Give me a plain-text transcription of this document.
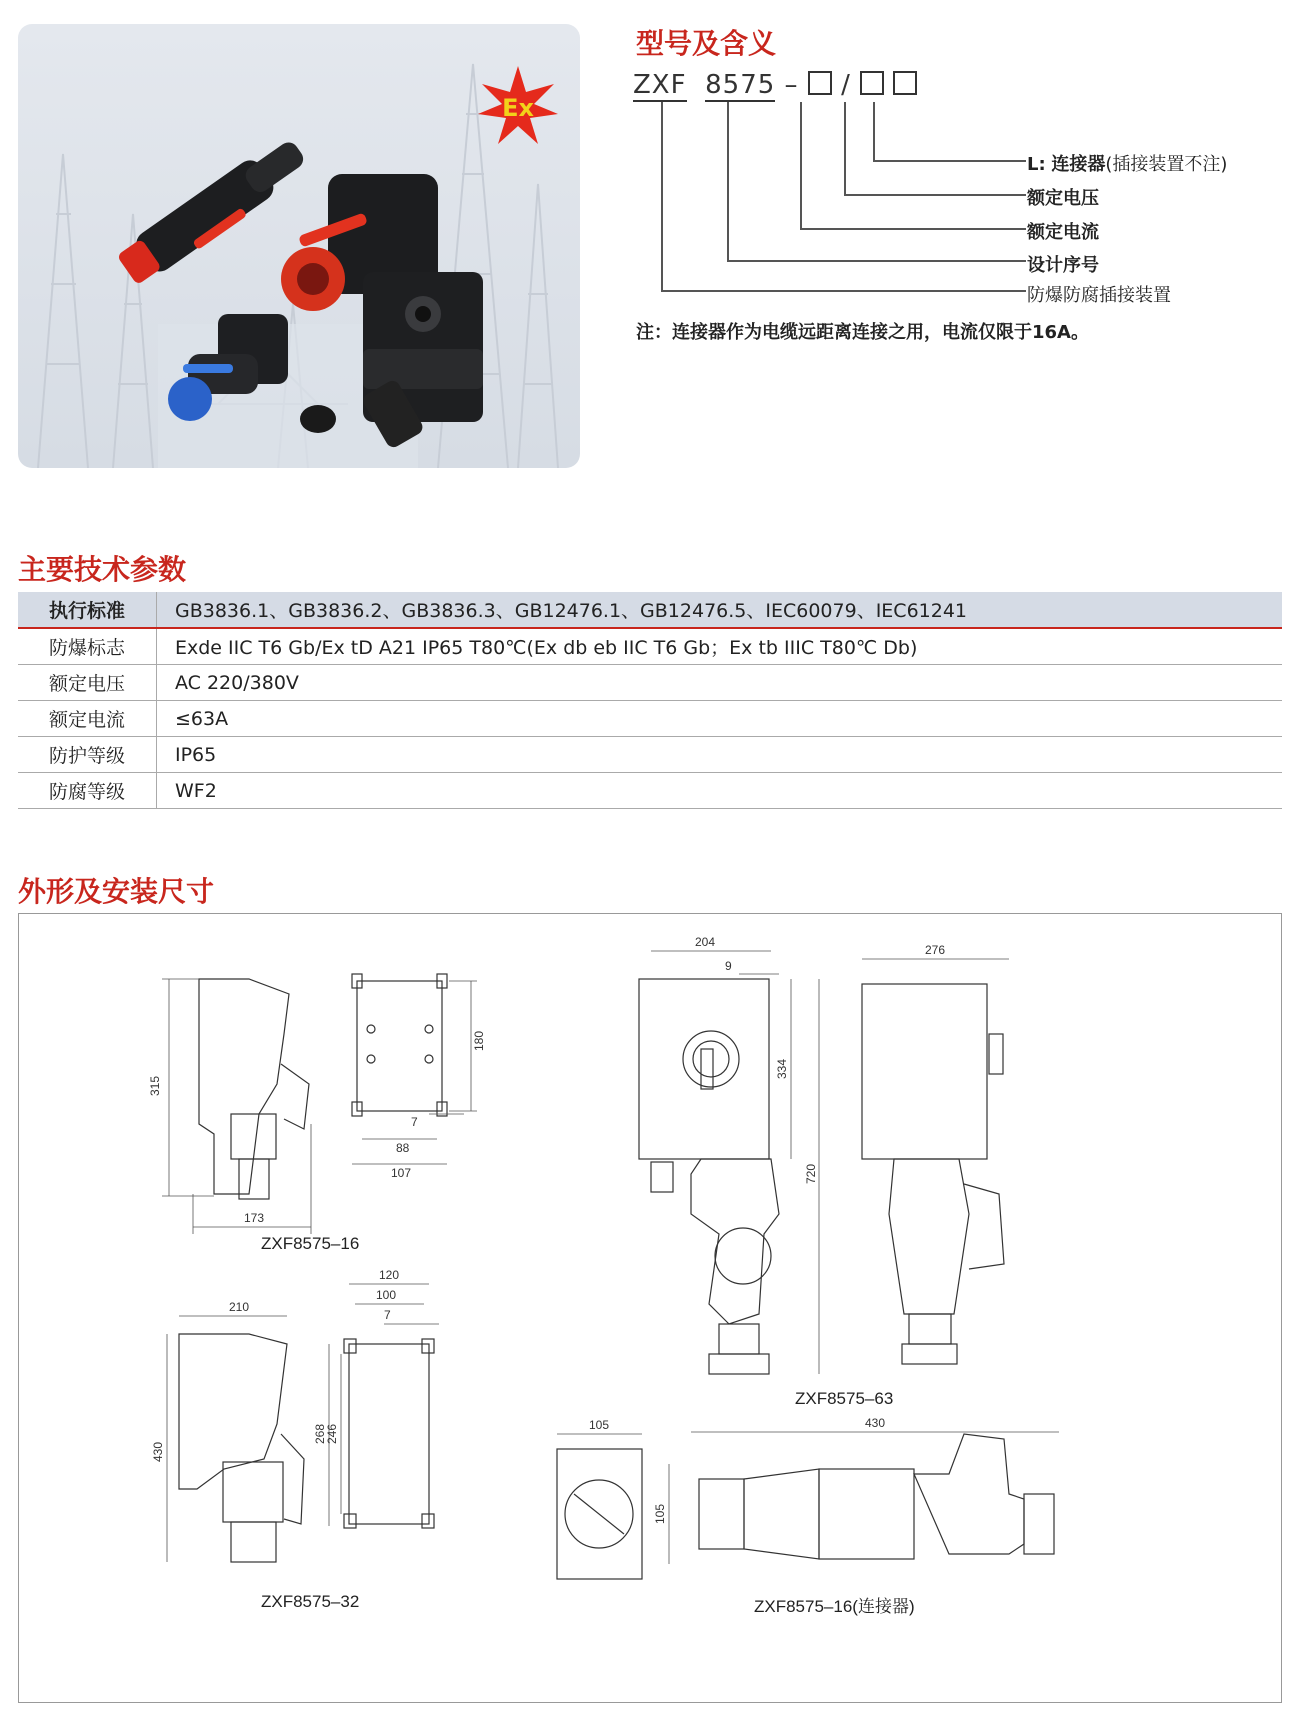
Ex
型号及含义
ZXF 8575 – /
L: 连接器(插接装置不注)
额定电压
额定电流
设计序号
防爆防腐插接装置
注：连接器作为电缆远距离连接之用，电流仅限于16A。
主要技术参数
执行标准	GB3836.1、GB3836.2、GB3836.3、GB12476.1、GB12476.5、IEC60079、IEC61241
防爆标志	Exde IIC T6 Gb/Ex tD A21 IP65 T80℃(Ex db eb IIC T6 Gb；Ex tb IIIC T80℃ Db)
额定电压	AC 220/380V
额定电流	≤63A
防护等级	IP65
防腐等级	WF2
外形及安装尺寸
315
173
180
7
88
107
210
430
120
100
7
268
246
204
9
334
720
276
105
105
430
ZXF8575–16
ZXF8575–32
ZXF8575–63
ZXF8575–16(连接器)
